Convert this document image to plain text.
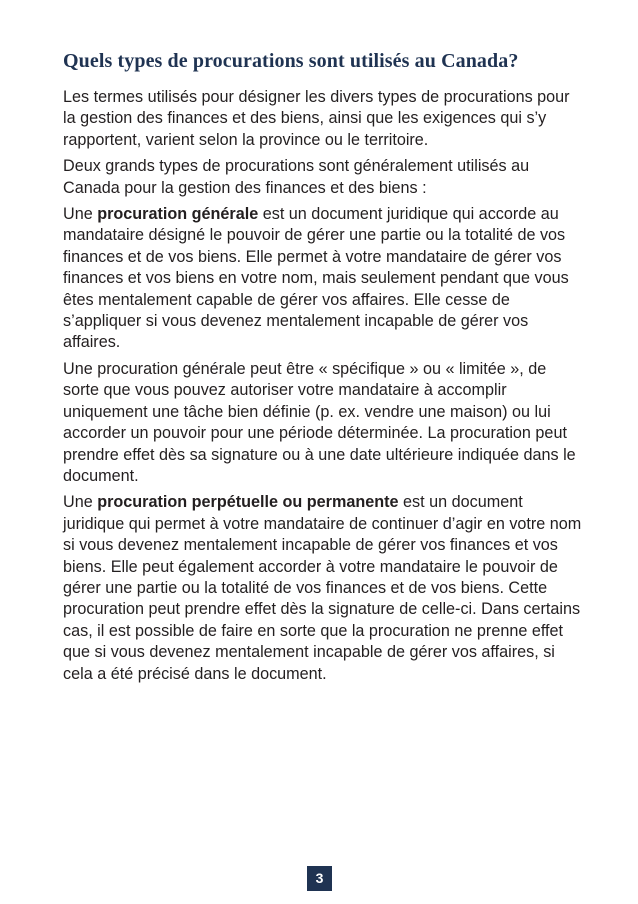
Quels types de procurations sont utilisés au Canada?

Les termes utilisés pour désigner les divers types de procurations pour la gestion des finances et des biens, ainsi que les exigences qui s’y rapportent, varient selon la province ou le territoire.

Deux grands types de procurations sont généralement utilisés au Canada pour la gestion des finances et des biens :

Une procuration générale est un document juridique qui accorde au mandataire désigné le pouvoir de gérer une partie ou la totalité de vos finances et de vos biens. Elle permet à votre mandataire de gérer vos finances et vos biens en votre nom, mais seulement pendant que vous êtes mentalement capable de gérer vos affaires. Elle cesse de s’appliquer si vous devenez mentalement incapable de gérer vos affaires.

Une procuration générale peut être « spécifique » ou « limitée », de sorte que vous pouvez autoriser votre mandataire à accomplir uniquement une tâche bien définie (p. ex. vendre une maison) ou lui accorder un pouvoir pour une période déterminée. La procuration peut prendre effet dès sa signature ou à une date ultérieure indiquée dans le document.

Une procuration perpétuelle ou permanente est un document juridique qui permet à votre mandataire de continuer d’agir en votre nom si vous devenez mentalement incapable de gérer vos finances et vos biens. Elle peut également accorder à votre mandataire le pouvoir de gérer une partie ou la totalité de vos finances et de vos biens. Cette procuration peut prendre effet dès la signature de celle-ci. Dans certains cas, il est possible de faire en sorte que la procuration ne prenne effet que si vous devenez mentalement incapable de gérer vos affaires, si cela a été précisé dans le document.

3
